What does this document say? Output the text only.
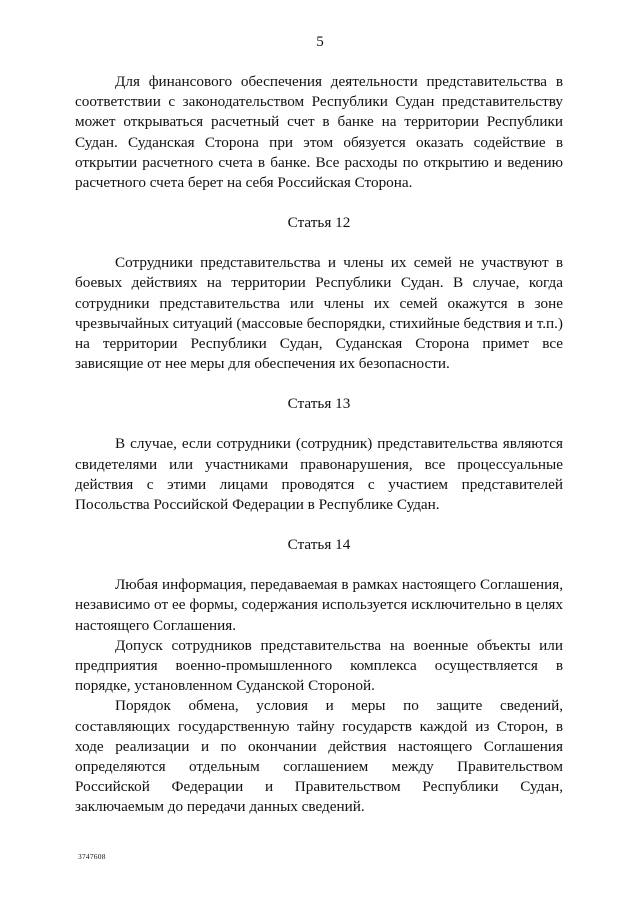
5

Для финансового обеспечения деятельности представительства в соответствии с законодательством Республики Судан представительству может открываться расчетный счет в банке на территории Республики Судан. Суданская Сторона при этом обязуется оказать содействие в открытии расчетного счета в банке. Все расходы по открытию и ведению расчетного счета берет на себя Российская Сторона.

Статья 12

Сотрудники представительства и члены их семей не участвуют в боевых действиях на территории Республики Судан. В случае, когда сотрудники представительства или члены их семей окажутся в зоне чрезвычайных ситуаций (массовые беспорядки, стихийные бедствия и т.п.) на территории Республики Судан, Суданская Сторона примет все зависящие от нее меры для обеспечения их безопасности.

Статья 13

В случае, если сотрудники (сотрудник) представительства являются свидетелями или участниками правонарушения, все процессуальные действия с этими лицами проводятся с участием представителей Посольства Российской Федерации в Республике Судан.

Статья 14

Любая информация, передаваемая в рамках настоящего Соглашения, независимо от ее формы, содержания используется исключительно в целях настоящего Соглашения.

Допуск сотрудников представительства на военные объекты или предприятия военно-промышленного комплекса осуществляется в порядке, установленном Суданской Стороной.

Порядок обмена, условия и меры по защите сведений, составляющих государственную тайну государств каждой из Сторон, в ходе реализации и по окончании действия настоящего Соглашения определяются отдельным соглашением между Правительством Российской Федерации и Правительством Республики Судан, заключаемым до передачи данных сведений.

3747608
